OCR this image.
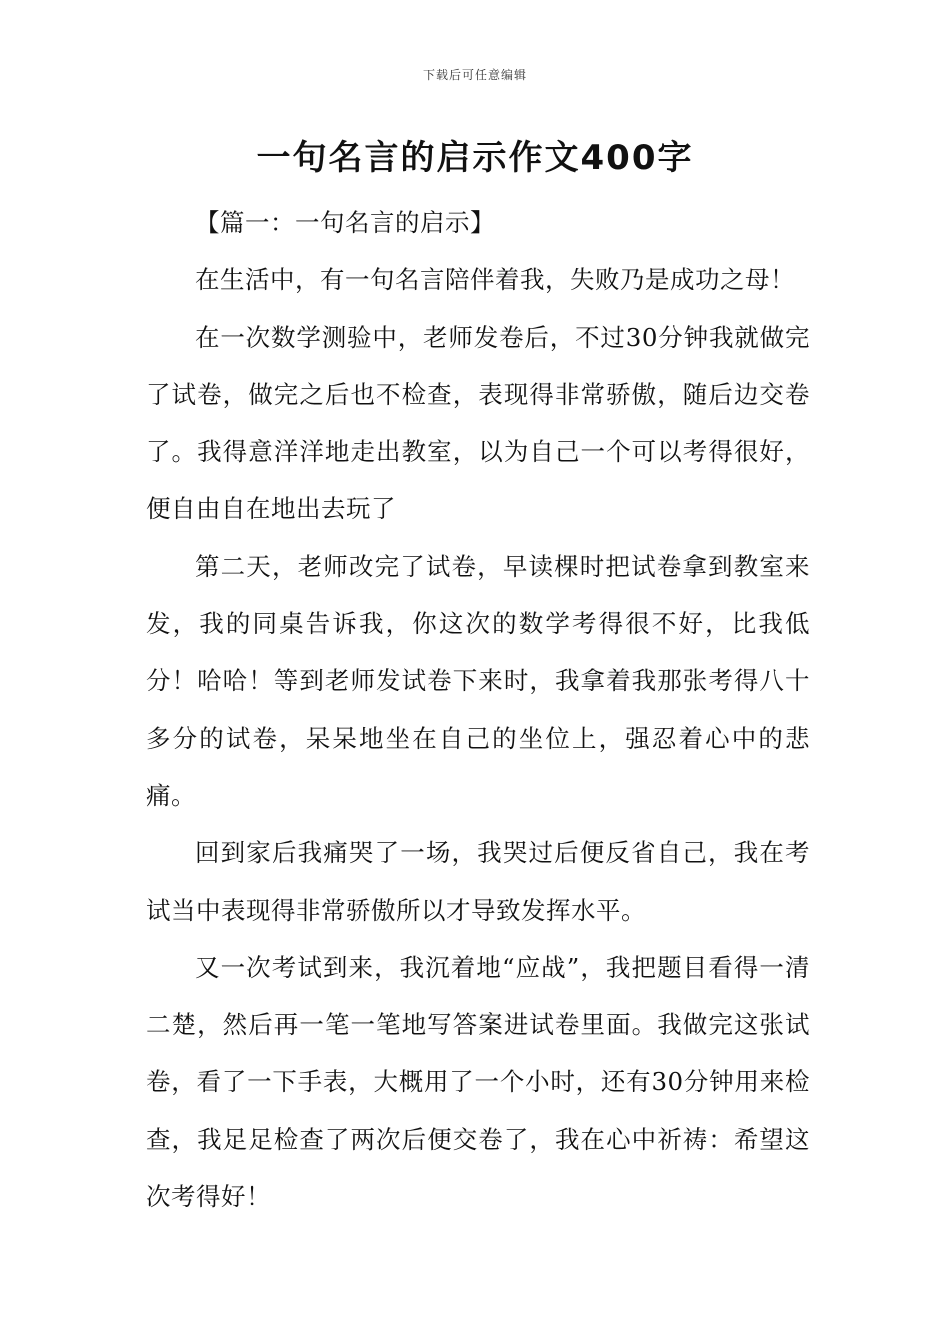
下载后可任意编辑
一句名言的启示作文400字

【篇一：一句名言的启示】

在生活中，有一句名言陪伴着我，失败乃是成功之母！

在一次数学测验中，老师发卷后，不过30分钟我就做完了试卷，做完之后也不检查，表现得非常骄傲，随后边交卷了。我得意洋洋地走出教室，以为自己一个可以考得很好，便自由自在地出去玩了

第二天，老师改完了试卷，早读棵时把试卷拿到教室来发，我的同桌告诉我，你这次的数学考得很不好，比我低分！哈哈！等到老师发试卷下来时，我拿着我那张考得八十多分的试卷，呆呆地坐在自己的坐位上，强忍着心中的悲痛。

回到家后我痛哭了一场，我哭过后便反省自己，我在考试当中表现得非常骄傲所以才导致发挥水平。

又一次考试到来，我沉着地“应战”，我把题目看得一清二楚，然后再一笔一笔地写答案进试卷里面。我做完这张试卷，看了一下手表，大概用了一个小时，还有30分钟用来检查，我足足检查了两次后便交卷了，我在心中祈祷：希望这次考得好！
